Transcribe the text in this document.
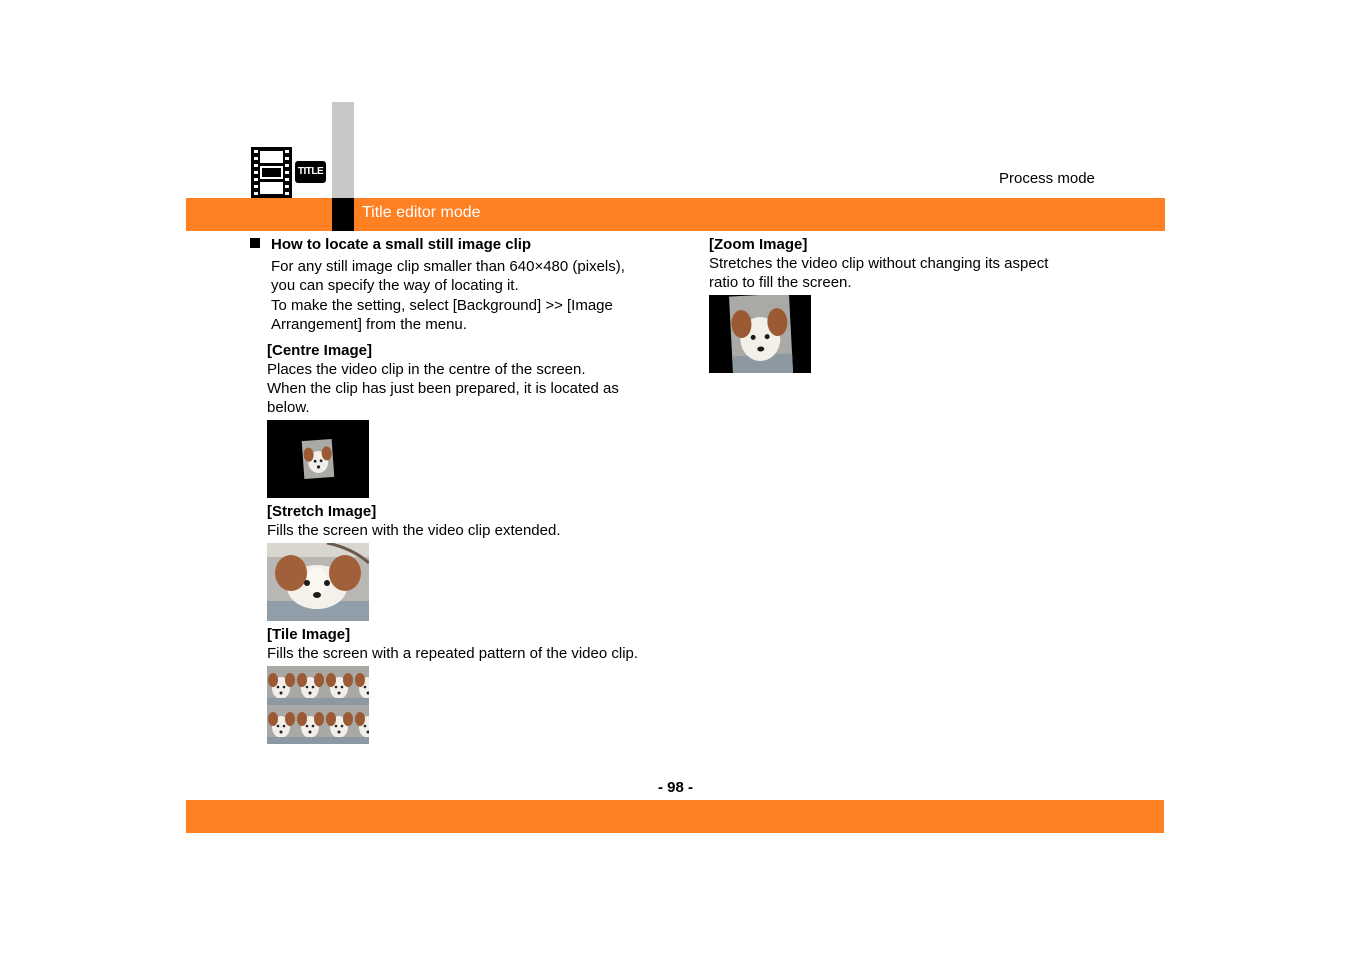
TITLE	Process mode
Title editor mode
How to locate a small still image clip
For any still image clip smaller than 640×480 (pixels),
you can specify the way of locating it.
To make the setting, select [Background] >> [Image
Arrangement] from the menu.
[Centre Image]
Places the video clip in the centre of the screen.
When the clip has just been prepared, it is located as
below.
[Stretch Image]
Fills the screen with the video clip extended.
[Tile Image]
Fills the screen with a repeated pattern of the video clip.
[Zoom Image]
Stretches the video clip without changing its aspect
ratio to fill the screen.
- 98 -
